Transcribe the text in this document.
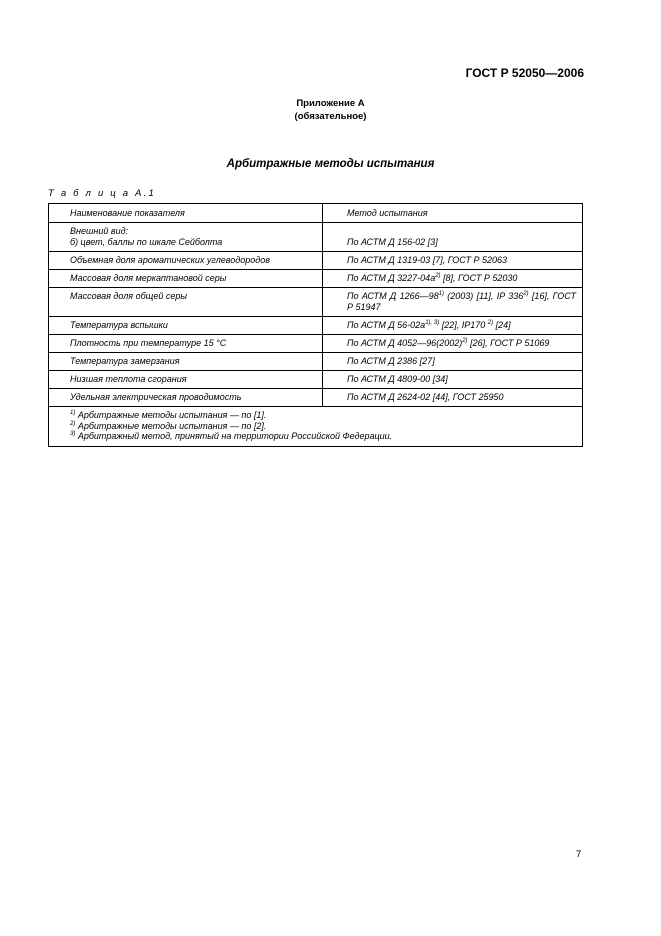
ГОСТ Р 52050—2006
Приложение А
(обязательное)
Арбитражные методы испытания
Т а б л и ц а А.1
Наименование показателя	Метод испытания

Внешний вид:
б) цвет, баллы по шкале Сейболта	По АСТМ Д 156-02 [3]

Объемная доля ароматических углеводородов	По АСТМ Д 1319-03 [7], ГОСТ Р 52063
Массовая доля меркаптановой серы	По АСТМ Д $3227-04а^{2)}$ [8], ГОСТ Р 52030
Массовая доля общей серы	По АСТМ Д 1266—98$^{1)}$ (2003) [11], IP 336$^{2)}$ [16], ГОСТ Р 51947
Температура вспышки	По АСТМ Д $56-02а^{1), 3)}$ [22], IP170 $^{2)}$ [24]
Плотность при температуре 15 °С	По АСТМ Д $4052—96(2002)^{2)}$ [26], ГОСТ Р 51069
Температура замерзания	По АСТМ Д 2386 [27]
Низшая теплота сгорания	По АСТМ Д 4809-00 [34]
Удельная электрическая проводимость	По АСТМ Д 2624-02 [44], ГОСТ 25950

$^{1)}$ Арбитражные методы испытания — по [1].
$^{2)}$ Арбитражные методы испытания — по [2].
$^{3)}$ Арбитражный метод, принятый на территории Российской Федерации.	
7
